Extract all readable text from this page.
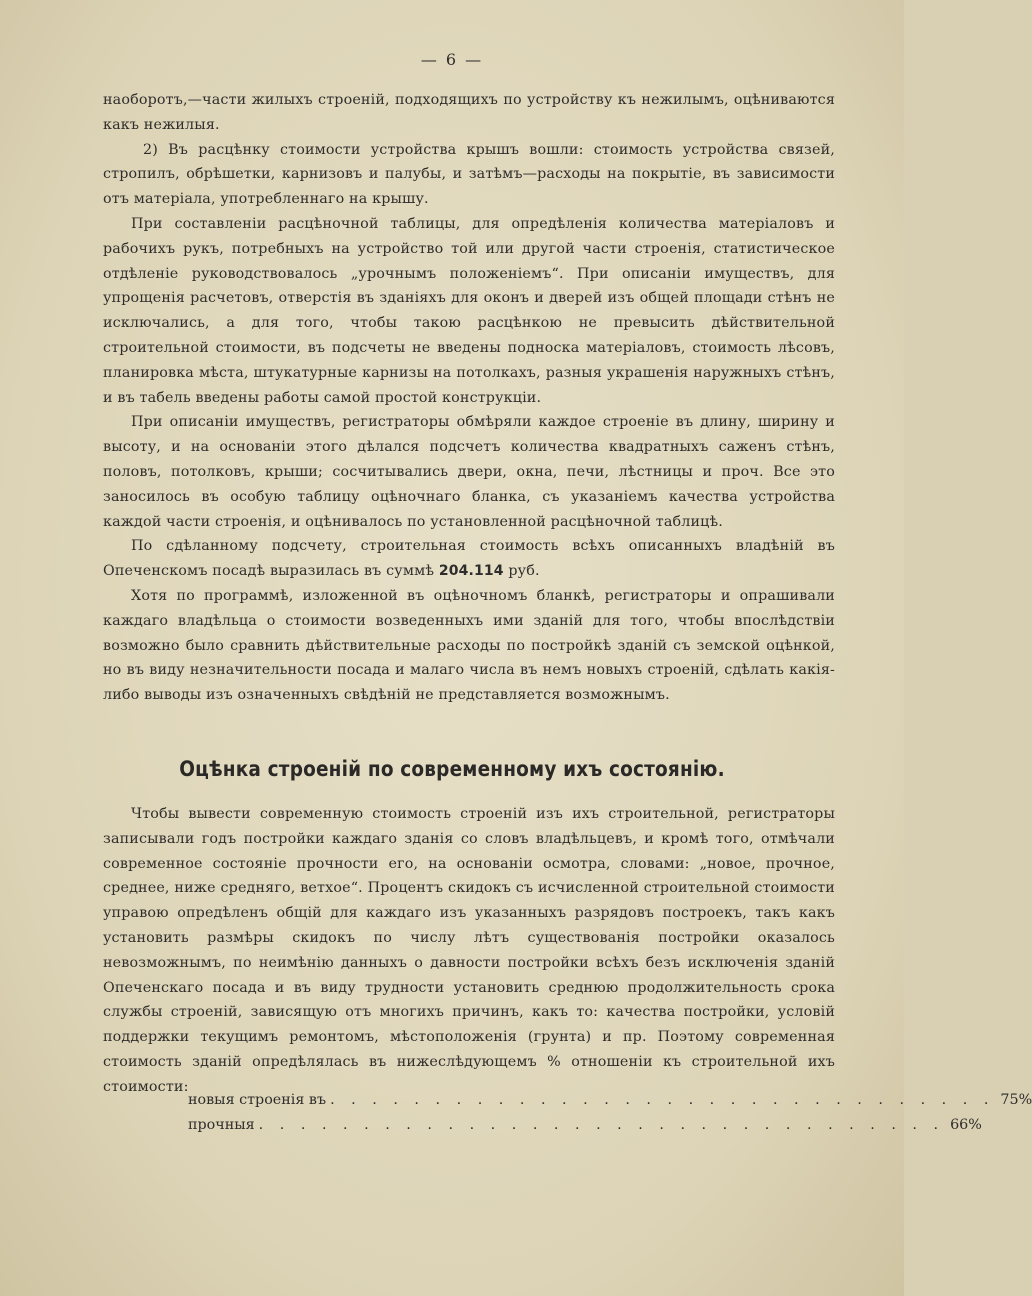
— 6 —

наоборотъ,—части жилыхъ строеній, подходящихъ по устройству къ нежилымъ, оцѣниваются какъ нежилыя.

2) Въ расцѣнку стоимости устройства крышъ вошли: стоимость устройства связей, стропилъ, обрѣшетки, карнизовъ и палубы, и затѣмъ—расходы на покрытіе, въ зависимости отъ матеріала, употребленнаго на крышу.

При составленіи расцѣночной таблицы, для опредѣленія количества матеріаловъ и рабочихъ рукъ, потребныхъ на устройство той или другой части строенія, статистическое отдѣленіе руководствовалось „урочнымъ положеніемъ“. При описаніи имуществъ, для упрощенія расчетовъ, отверстія въ зданіяхъ для оконъ и дверей изъ общей площади стѣнъ не исключались, а для того, чтобы такою расцѣнкою не превысить дѣйствительной строительной стоимости, въ подсчеты не введены подноска матеріаловъ, стоимость лѣсовъ, планировка мѣста, штукатурные карнизы на потолкахъ, разныя украшенія наружныхъ стѣнъ, и въ табель введены работы самой простой конструкціи.

При описаніи имуществъ, регистраторы обмѣряли каждое строеніе въ длину, ширину и высоту, и на основаніи этого дѣлался подсчетъ количества квадратныхъ саженъ стѣнъ, половъ, потолковъ, крыши; сосчитывались двери, окна, печи, лѣстницы и проч. Все это заносилось въ особую таблицу оцѣночнаго бланка, съ указаніемъ качества устройства каждой части строенія, и оцѣнивалось по установленной расцѣночной таблицѣ.

По сдѣланному подсчету, строительная стоимость всѣхъ описанныхъ владѣній въ Опеченскомъ посадѣ выразилась въ суммѣ 204.114 руб.

Хотя по программѣ, изложенной въ оцѣночномъ бланкѣ, регистраторы и опрашивали каждаго владѣльца о стоимости возведенныхъ ими зданій для того, чтобы впослѣдствіи возможно было сравнить дѣйствительные расходы по постройкѣ зданій съ земской оцѣнкой, но въ виду незначительности посада и малаго числа въ немъ новыхъ строеній, сдѣлать какія-либо выводы изъ означенныхъ свѣдѣній не представляется возможнымъ.

Оцѣнка строеній по современному ихъ состоянію.

Чтобы вывести современную стоимость строеній изъ ихъ строительной, регистраторы записывали годъ постройки каждаго зданія со словъ владѣльцевъ, и кромѣ того, отмѣчали современное состояніе прочности его, на основаніи осмотра, словами: „новое, прочное, среднее, ниже средняго, ветхое“. Процентъ скидокъ съ исчисленной строительной стоимости управою опредѣленъ общій для каждаго изъ указанныхъ разрядовъ построекъ, такъ какъ установить размѣры скидокъ по числу лѣтъ существованія постройки оказалось невозможнымъ, по неимѣнію данныхъ о давности постройки всѣхъ безъ исключенія зданій Опеченскаго посада и въ виду трудности установить среднюю продолжительность срока службы строеній, зависящую отъ многихъ причинъ, какъ то: качества постройки, условій поддержки текущимъ ремонтомъ, мѣстоположенія (грунта) и пр. Поэтому современная стоимость зданій опредѣлялась въ нижеслѣдующемъ % отношеніи къ строительной ихъ стоимости:

новыя строенія въ . . . . . . . . . . . . . . . . . . . . . . . . . . . . . . . . 75%
прочныя . . . . . . . . . . . . . . . . . . . . . . . . . . . . . . . . . 66%
